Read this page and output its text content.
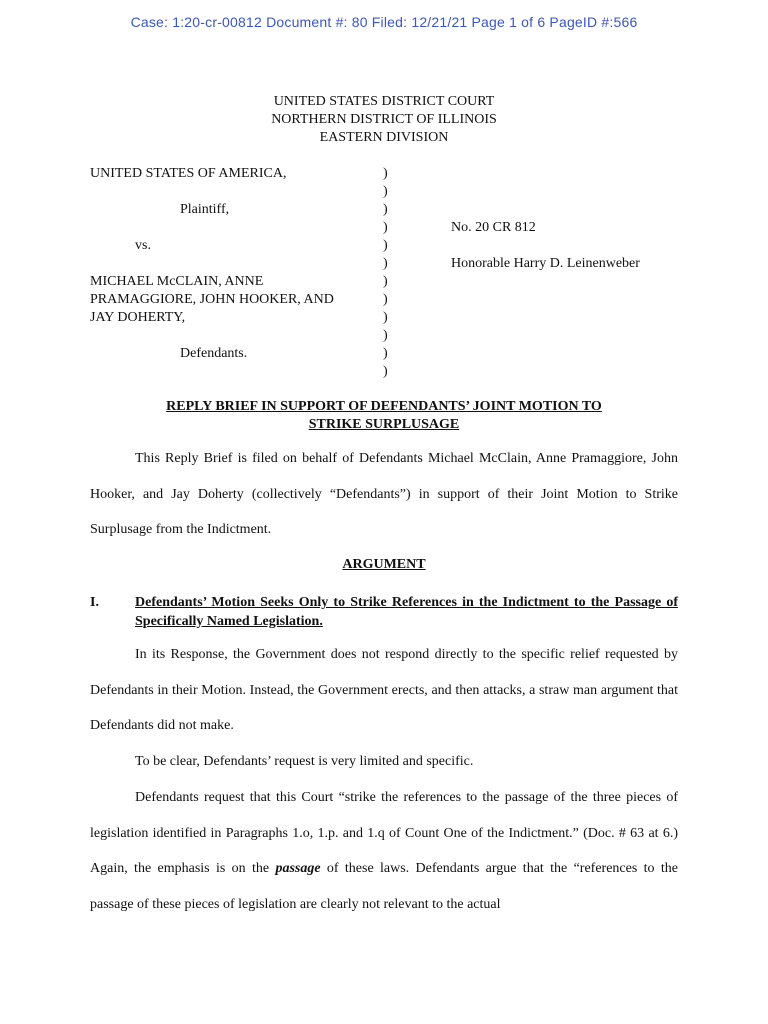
Case: 1:20-cr-00812 Document #: 80 Filed: 12/21/21 Page 1 of 6 PageID #:566
UNITED STATES DISTRICT COURT
NORTHERN DISTRICT OF ILLINOIS
EASTERN DIVISION
UNITED STATES OF AMERICA,
Plaintiff,
vs.
MICHAEL McCLAIN, ANNE
PRAMAGGIORE, JOHN HOOKER, AND
JAY DOHERTY,
Defendants.
)
)
)
)
)
)
)
)
)
)
)
)
No. 20 CR 812
Honorable Harry D. Leinenweber
REPLY BRIEF IN SUPPORT OF DEFENDANTS’ JOINT MOTION TO
STRIKE SURPLUSAGE
This Reply Brief is filed on behalf of Defendants Michael McClain, Anne Pramaggiore, John Hooker, and Jay Doherty (collectively “Defendants”) in support of their Joint Motion to Strike Surplusage from the Indictment.
ARGUMENT
I.	Defendants’ Motion Seeks Only to Strike References in the Indictment to the Passage of Specifically Named Legislation.
In its Response, the Government does not respond directly to the specific relief requested by Defendants in their Motion. Instead, the Government erects, and then attacks, a straw man argument that Defendants did not make.
To be clear, Defendants’ request is very limited and specific.
Defendants request that this Court “strike the references to the passage of the three pieces of legislation identified in Paragraphs 1.o, 1.p. and 1.q of Count One of the Indictment.” (Doc. # 63 at 6.) Again, the emphasis is on the passage of these laws. Defendants argue that the “references to the passage of these pieces of legislation are clearly not relevant to the actual
